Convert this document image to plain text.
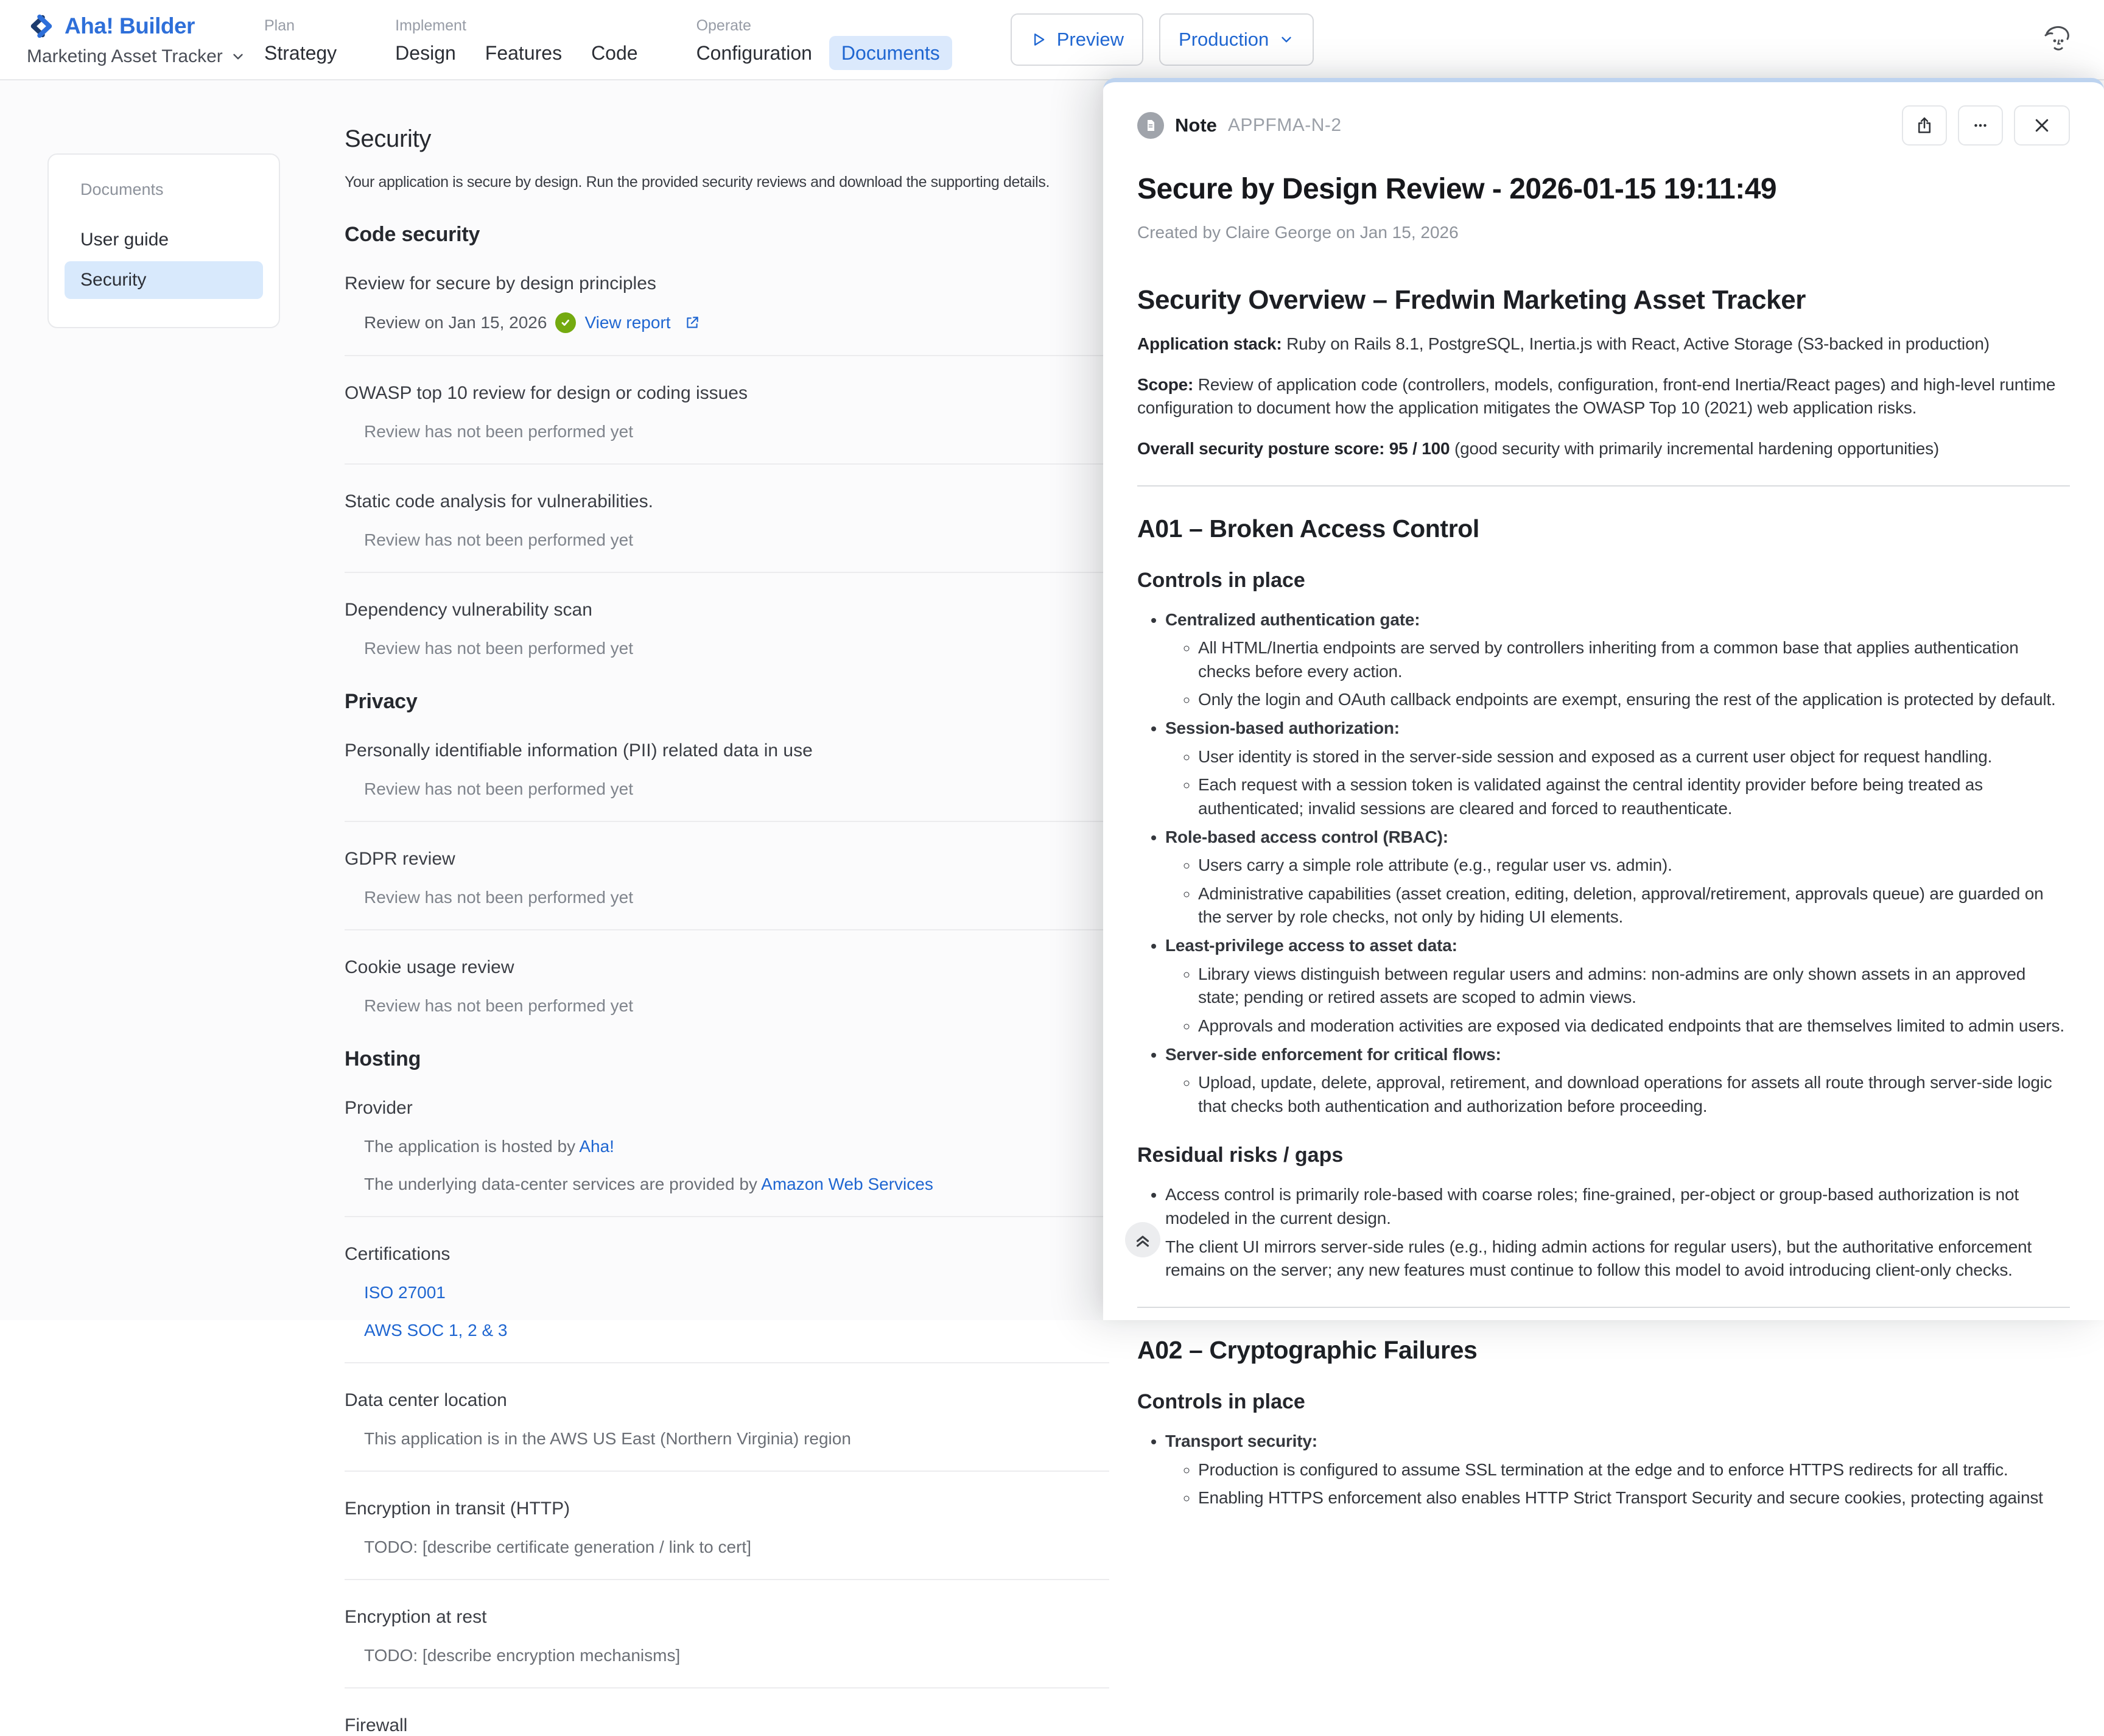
Aha! Builder
Marketing Asset Tracker
Plan
Strategy
Implement
Design Features Code
Operate
Configuration	Documents
Preview	Production
Documents
User guide
Security
Security
Your application is secure by design. Run the provided security reviews and download the supporting details.
Code security
Review for secure by design principles
Review on Jan 15, 2026 View report
OWASP top 10 review for design or coding issues
Review has not been performed yet
Static code analysis for vulnerabilities.
Review has not been performed yet
Dependency vulnerability scan
Review has not been performed yet
Privacy
Personally identifiable information (PII) related data in use
Review has not been performed yet
GDPR review
Review has not been performed yet
Cookie usage review
Review has not been performed yet
Hosting
Provider
The application is hosted by Aha!
The underlying data-center services are provided by Amazon Web Services
Certifications
ISO 27001
AWS SOC 1, 2 & 3
Data center location
This application is in the AWS US East (Northern Virginia) region
Encryption in transit (HTTP)
TODO: [describe certificate generation / link to cert]
Encryption at rest
TODO: [describe encryption mechanisms]
Firewall
Note APPFMA-N-2
Secure by Design Review - 2026-01-15 19:11:49
Created by Claire George on Jan 15, 2026
Security Overview – Fredwin Marketing Asset Tracker

Application stack: Ruby on Rails 8.1, PostgreSQL, Inertia.js with React, Active Storage (S3-backed in production)

Scope: Review of application code (controllers, models, configuration, front-end Inertia/React pages) and high-level runtime configuration to document how the application mitigates the OWASP Top 10 (2021) web application risks.

Overall security posture score: 95 / 100 (good security with primarily incremental hardening opportunities)

A01 – Broken Access Control
Controls in place
• Centralized authentication gate:
◦ All HTML/Inertia endpoints are served by controllers inheriting from a common base that applies authentication checks before every action.
◦ Only the login and OAuth callback endpoints are exempt, ensuring the rest of the application is protected by default.
• Session-based authorization:
◦ User identity is stored in the server-side session and exposed as a current user object for request handling.
◦ Each request with a session token is validated against the central identity provider before being treated as authenticated; invalid sessions are cleared and forced to reauthenticate.
• Role-based access control (RBAC):
◦ Users carry a simple role attribute (e.g., regular user vs. admin).
◦ Administrative capabilities (asset creation, editing, deletion, approval/retirement, approvals queue) are guarded on the server by role checks, not only by hiding UI elements.
• Least-privilege access to asset data:
◦ Library views distinguish between regular users and admins: non-admins are only shown assets in an approved state; pending or retired assets are scoped to admin views.
◦ Approvals and moderation activities are exposed via dedicated endpoints that are themselves limited to admin users.
• Server-side enforcement for critical flows:
◦ Upload, update, delete, approval, retirement, and download operations for assets all route through server-side logic that checks both authentication and authorization before proceeding.
Residual risks / gaps
• Access control is primarily role-based with coarse roles; fine-grained, per-object or group-based authorization is not modeled in the current design.
• The client UI mirrors server-side rules (e.g., hiding admin actions for regular users), but the authoritative enforcement remains on the server; any new features must continue to follow this model to avoid introducing client-only checks.
A02 – Cryptographic Failures
Controls in place
• Transport security:
◦ Production is configured to assume SSL termination at the edge and to enforce HTTPS redirects for all traffic.
◦ Enabling HTTPS enforcement also enables HTTP Strict Transport Security and secure cookies, protecting against
